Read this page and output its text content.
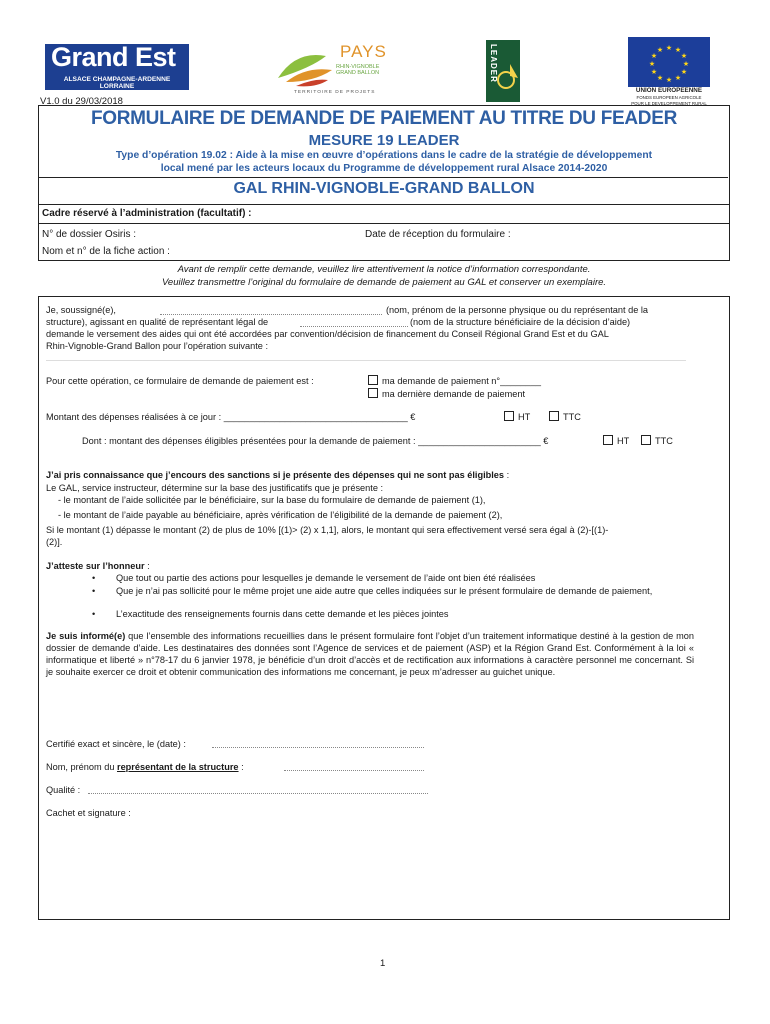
Grand Est
ALSACE CHAMPAGNE-ARDENNE LORRAINE
PAYS
RHIN-VIGNOBLE GRAND BALLON
TERRITOIRE DE PROJETS
LEADER	★ ★
★
★
★
★
★
★
★
★
★
★
UNION EUROPEENNE
FONDS EUROPEEN AGRICOLE
POUR LE DEVELOPPEMENT RURAL
V1.0 du 29/03/2018
FORMULAIRE DE DEMANDE DE PAIEMENT AU TITRE DU FEADER
MESURE 19 LEADER
Type d’opération 19.02 : Aide à la mise en œuvre d’opérations dans le cadre de la stratégie de développement
local mené par les acteurs locaux du Programme de développement rural Alsace 2014-2020
GAL RHIN-VIGNOBLE-GRAND BALLON
Cadre réservé à l’administration (facultatif) :
N° de dossier Osiris :	Date de réception du formulaire :
Nom et n° de la fiche action :
Avant de remplir cette demande, veuillez lire attentivement la notice d’information correspondante.
Veuillez transmettre l’original du formulaire de demande de paiement au GAL et conserver un exemplaire.
Je, soussigné(e),	(nom, prénom de la personne physique ou du représentant de la
structure), agissant en qualité de représentant légal de	(nom de la structure bénéficiaire de la décision d’aide)
demande le versement des aides qui ont été accordées par convention/décision de financement du Conseil Régional Grand Est et du GAL
Rhin-Vignoble-Grand Ballon pour l’opération suivante :
Pour cette opération, ce formulaire de demande de paiement est :	ma demande de paiement n°________
ma dernière demande de paiement
Montant des dépenses réalisées à ce jour : ____________________________________ €	HT	TTC
Dont : montant des dépenses éligibles présentées pour la demande de paiement : ________________________ €	HT	TTC
J’ai pris connaissance que j’encours des sanctions si je présente des dépenses qui ne sont pas éligibles :
Le GAL, service instructeur, détermine sur la base des justificatifs que je présente :
- le montant de l’aide sollicitée par le bénéficiaire, sur la base du formulaire de demande de paiement (1),
- le montant de l’aide payable au bénéficiaire, après vérification de l’éligibilité de la demande de paiement (2),
Si le montant (1) dépasse le montant (2) de plus de 10% [(1)> (2) x 1,1], alors, le montant qui sera effectivement versé sera égal à (2)-[(1)-
(2)].
J’atteste sur l’honneur :
• Que tout ou partie des actions pour lesquelles je demande le versement de l’aide ont bien été réalisées
• Que je n’ai pas sollicité pour le même projet une aide autre que celles indiquées sur le présent formulaire de demande de paiement,
• L’exactitude des renseignements fournis dans cette demande et les pièces jointes
Je suis informé(e) que l’ensemble des informations recueillies dans le présent formulaire font l’objet d’un traitement informatique destiné à la gestion de mon dossier de demande d’aide. Les destinataires des données sont l’Agence de services et de paiement (ASP) et la Région Grand Est. Conformément à la loi « informatique et liberté » n°78-17 du 6 janvier 1978, je bénéficie d’un droit d’accès et de rectification aux informations à caractère personnel me concernant. Si je souhaite exercer ce droit et obtenir communication des informations me concernant, je peux m’adresser au guichet unique.
Certifié exact et sincère, le (date) :
Nom, prénom du représentant de la structure :
Qualité :
Cachet et signature :
1
